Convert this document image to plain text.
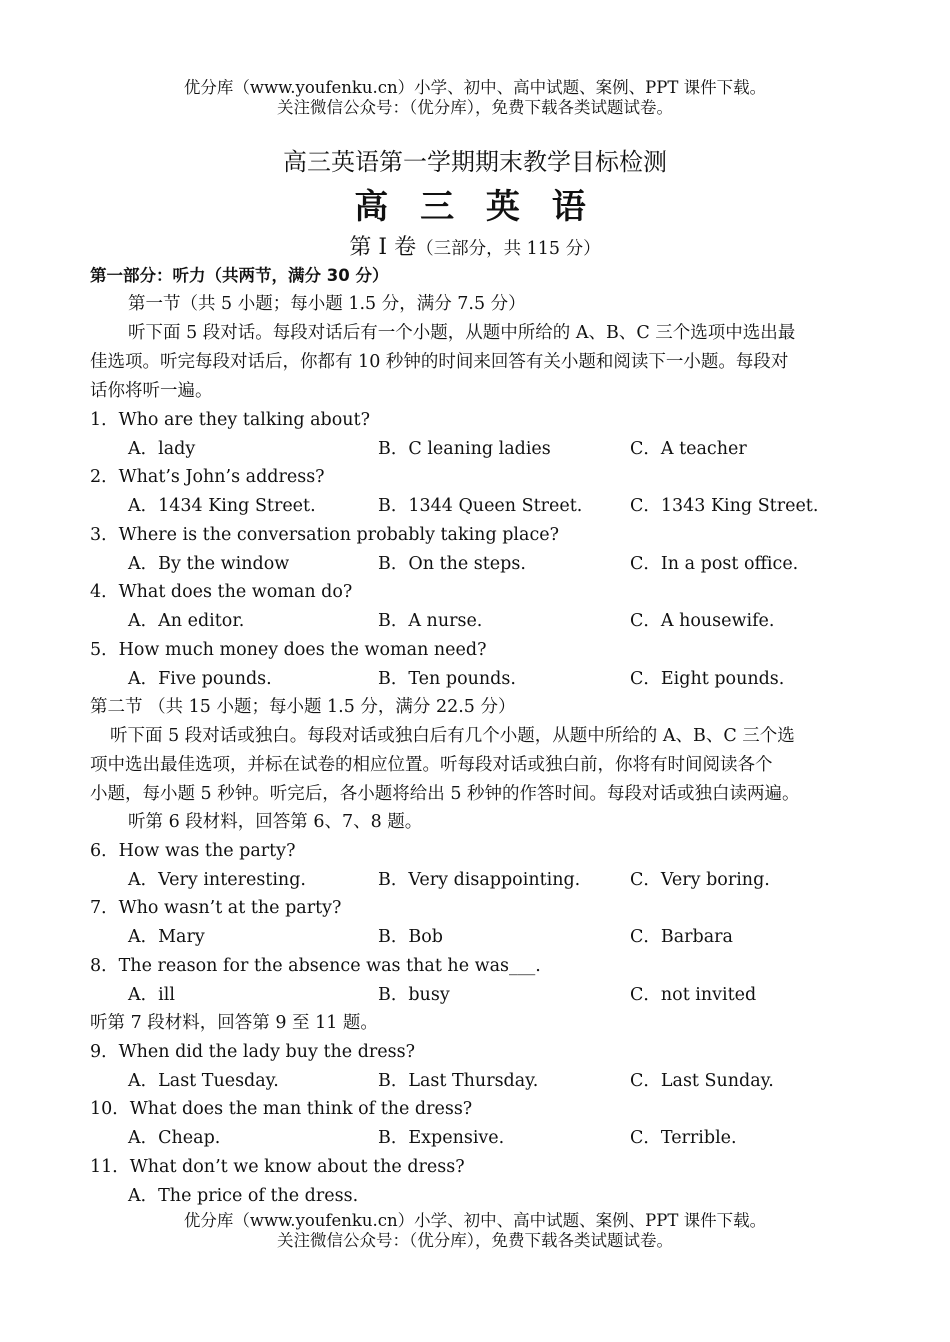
优分库（www.youfenku.cn）小学、初中、高中试题、案例、PPT 课件下载。
关注微信公众号：（优分库），免费下载各类试题试卷。
高三英语第一学期期末教学目标检测
高 三 英 语
第 I 卷（三部分，共 115 分）
第一部分：听力（共两节，满分 30 分）
第一节（共 5 小题；每小题 1.5 分，满分 7.5 分）
听下面 5 段对话。每段对话后有一个小题，从题中所给的 A、B、C 三个选项中选出最
佳选项。听完每段对话后，你都有 10 秒钟的时间来回答有关小题和阅读下一小题。每段对
话你将听一遍。
1．Who are they talking about?
A．lady	B．C leaning ladies	C．A teacher
2．What’s John’s address?
A．1434 King Street.	B．1344 Queen Street.	C．1343 King Street.
3．Where is the conversation probably taking place?
A．By the window	B．On the steps.	C．In a post office.
4．What does the woman do?
A．An editor.	B．A nurse.	C．A housewife.
5．How much money does the woman need?
A．Five pounds.	B．Ten pounds.	C．Eight pounds.
第二节 （共 15 小题；每小题 1.5 分，满分 22.5 分）
听下面 5 段对话或独白。每段对话或独白后有几个小题，从题中所给的 A、B、C 三个选
项中选出最佳选项，并标在试卷的相应位置。听每段对话或独白前，你将有时间阅读各个
小题，每小题 5 秒钟。听完后，各小题将给出 5 秒钟的作答时间。每段对话或独白读两遍。
听第 6 段材料，回答第 6、7、8 题。
6．How was the party?
A．Very interesting.	B．Very disappointing.	C．Very boring.
7．Who wasn’t at the party?
A．Mary	B．Bob	C．Barbara
8．The reason for the absence was that he was___.
A．ill	B．busy	C．not invited
听第 7 段材料，回答第 9 至 11 题。
9．When did the lady buy the dress?
A．Last Tuesday.	B．Last Thursday.	C．Last Sunday.
10．What does the man think of the dress?
A．Cheap.	B．Expensive.	C．Terrible.
11．What don’t we know about the dress?
A．The price of the dress.
优分库（www.youfenku.cn）小学、初中、高中试题、案例、PPT 课件下载。
关注微信公众号：（优分库），免费下载各类试题试卷。
